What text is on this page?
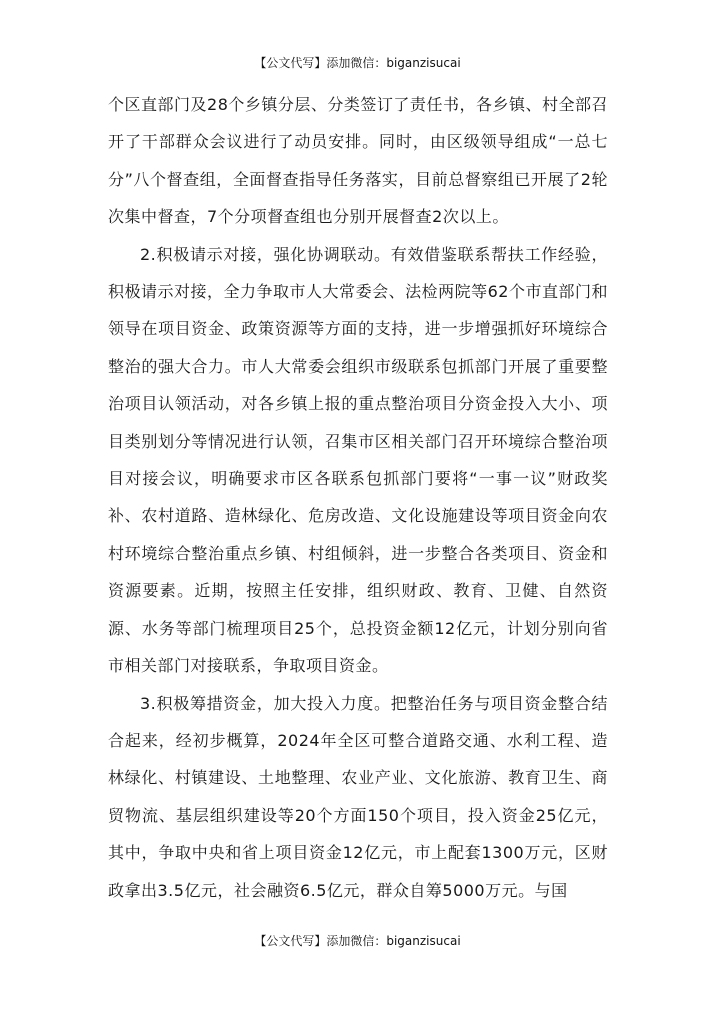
【公文代写】添加微信：biganzisucai

个区直部门及28个乡镇分层、分类签订了责任书，各乡镇、村全部召开了干部群众会议进行了动员安排。同时，由区级领导组成“一总七分”八个督查组，全面督查指导任务落实，目前总督察组已开展了2轮次集中督查，7个分项督查组也分别开展督查2次以上。

2.积极请示对接，强化协调联动。有效借鉴联系帮扶工作经验，积极请示对接，全力争取市人大常委会、法检两院等62个市直部门和领导在项目资金、政策资源等方面的支持，进一步增强抓好环境综合整治的强大合力。市人大常委会组织市级联系包抓部门开展了重要整治项目认领活动，对各乡镇上报的重点整治项目分资金投入大小、项目类别划分等情况进行认领，召集市区相关部门召开环境综合整治项目对接会议，明确要求市区各联系包抓部门要将“一事一议”财政奖补、农村道路、造林绿化、危房改造、文化设施建设等项目资金向农村环境综合整治重点乡镇、村组倾斜，进一步整合各类项目、资金和资源要素。近期，按照主任安排，组织财政、教育、卫健、自然资源、水务等部门梳理项目25个，总投资金额12亿元，计划分别向省市相关部门对接联系，争取项目资金。

3.积极筹措资金，加大投入力度。把整治任务与项目资金整合结合起来，经初步概算，2024年全区可整合道路交通、水利工程、造林绿化、村镇建设、土地整理、农业产业、文化旅游、教育卫生、商贸物流、基层组织建设等20个方面150个项目，投入资金25亿元，其中，争取中央和省上项目资金12亿元，市上配套1300万元，区财政拿出3.5亿元，社会融资6.5亿元，群众自筹5000万元。与国

【公文代写】添加微信：biganzisucai
